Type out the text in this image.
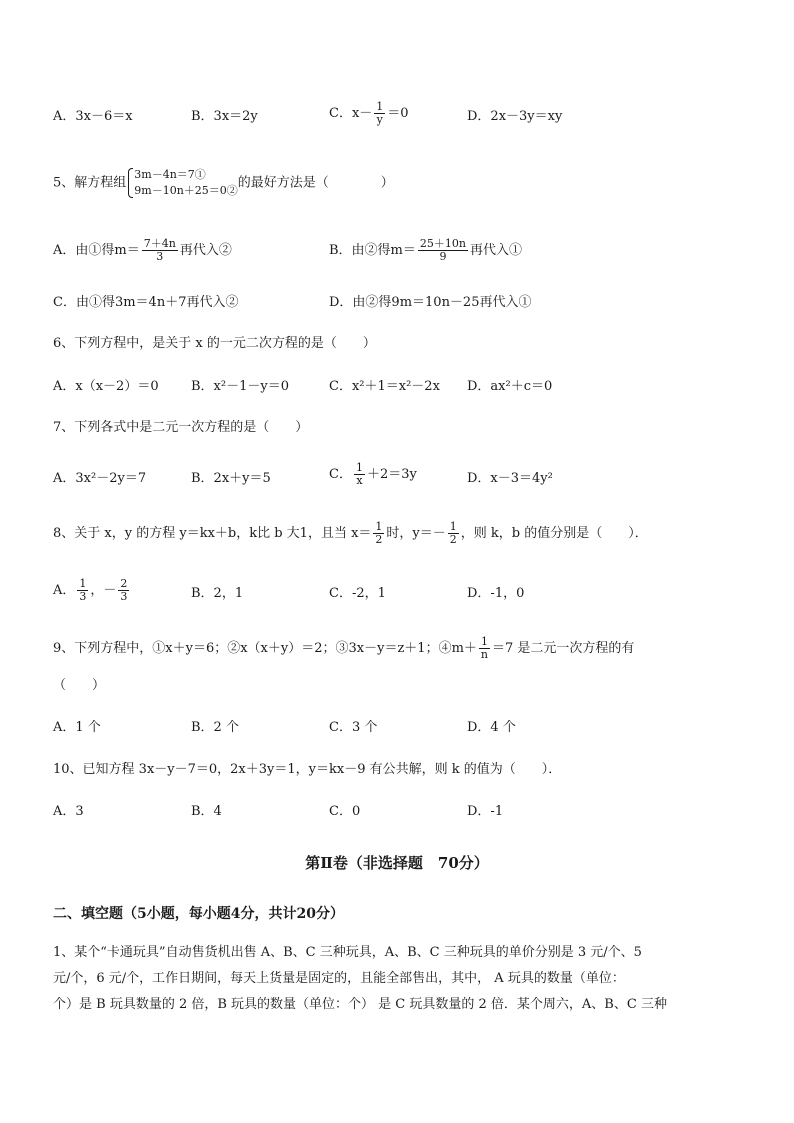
A．3x－6＝x	B．3x＝2y	C．$x- \frac{1}{y} =0$	D．2x－3y＝xy
5、解方程组
3m－4n＝7①
9m－10n＋25＝0② 的最好方法是（　　　　）
A．由①得$m= \frac{7+4n}{3}$ 再代入②	B．由②得$m= \frac{25+10n}{9}$ 再代入①
C．由①得3m＝4n＋7再代入②	D．由②得9m＝10n－25再代入①
6、下列方程中，是关于 x 的一元二次方程的是（　　）
A．x（x－2）＝0 B．x²－1－y＝0	C．x²＋1＝x²－2x D．ax²＋c＝0
7、下列各式中是二元一次方程的是（　　）
A．3x²－2y＝7	B．2x＋y＝5	C． $\frac{1}{x} +2=3y$	D．x－3＝4y²
8、关于 x，y 的方程 y＝kx＋b，k比 b 大1，且当 $x= \frac{1}{2}$ 时，$y=- \frac{1}{2}$ ，则 k，b 的值分别是（　　）．
A． $\frac{1}{3}$ ，－ $\frac{2}{3}$	B．2，1	C．-2，1	D．-1，0
9、下列方程中，①x＋y＝6；②x（x＋y）＝2；③3x－y＝z＋1；④m＋ $\frac{1}{n} =7$ 是二元一次方程的有
（　　）
A．1 个	B．2 个	C．3 个	D．4 个
10、已知方程 3x－y－7＝0，2x＋3y＝1，y＝kx－9 有公共解，则 k 的值为（　　）．
A．3	B．4	C．0	D．-1
第Ⅱ卷（非选择题　70分）
二、填空题（5小题，每小题4分，共计20分）
1、某个“卡通玩具”自动售货机出售 A、B、C 三种玩具，A、B、C 三种玩具的单价分别是 3 元/个、5
元/个，6 元/个，工作日期间，每天上货量是固定的，且能全部售出，其中， A 玩具的数量（单位：
个）是 B 玩具数量的 2 倍，B 玩具的数量（单位：个） 是 C 玩具数量的 2 倍．某个周六，A、B、C 三种
